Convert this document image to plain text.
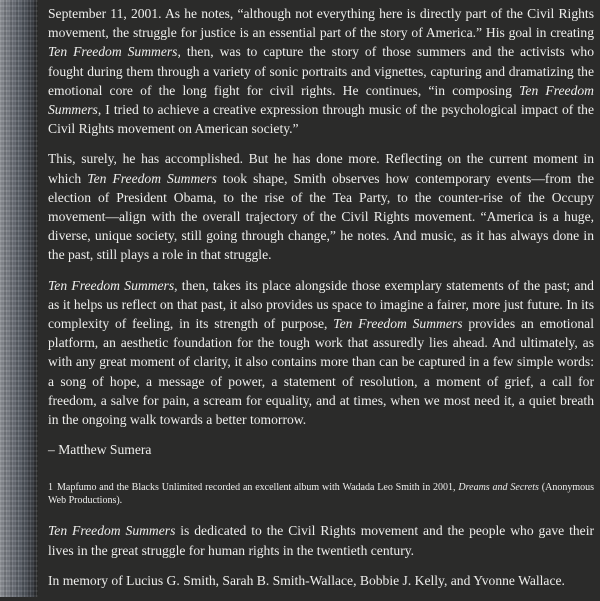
September 11, 2001. As he notes, “although not everything here is directly part of the Civil Rights movement, the struggle for justice is an essential part of the story of America.” His goal in creating Ten Freedom Summers, then, was to capture the story of those summers and the activists who fought during them through a variety of sonic portraits and vignettes, capturing and dramatizing the emotional core of the long fight for civil rights. He continues, “in composing Ten Freedom Summers, I tried to achieve a creative expression through music of the psychological impact of the Civil Rights movement on American society.”

This, surely, he has accomplished. But he has done more. Reflecting on the current moment in which Ten Freedom Summers took shape, Smith observes how contemporary events—from the election of President Obama, to the rise of the Tea Party, to the counter-rise of the Occupy movement—align with the overall trajectory of the Civil Rights movement. “America is a huge, diverse, unique society, still going through change,” he notes. And music, as it has always done in the past, still plays a role in that struggle.

Ten Freedom Summers, then, takes its place alongside those exemplary statements of the past; and as it helps us reflect on that past, it also provides us space to imagine a fairer, more just future. In its complexity of feeling, in its strength of purpose, Ten Freedom Summers provides an emotional platform, an aesthetic foundation for the tough work that assuredly lies ahead. And ultimately, as with any great moment of clarity, it also contains more than can be captured in a few simple words: a song of hope, a message of power, a statement of resolution, a moment of grief, a call for freedom, a salve for pain, a scream for equality, and at times, when we most need it, a quiet breath in the ongoing walk towards a better tomorrow.

– Matthew Sumera

$^1$ Mapfumo and the Blacks Unlimited recorded an excellent album with Wadada Leo Smith in 2001, Dreams and Secrets (Anonymous Web Productions).

Ten Freedom Summers is dedicated to the Civil Rights movement and the people who gave their lives in the great struggle for human rights in the twentieth century.

In memory of Lucius G. Smith, Sarah B. Smith-Wallace, Bobbie J. Kelly, and Yvonne Wallace.
